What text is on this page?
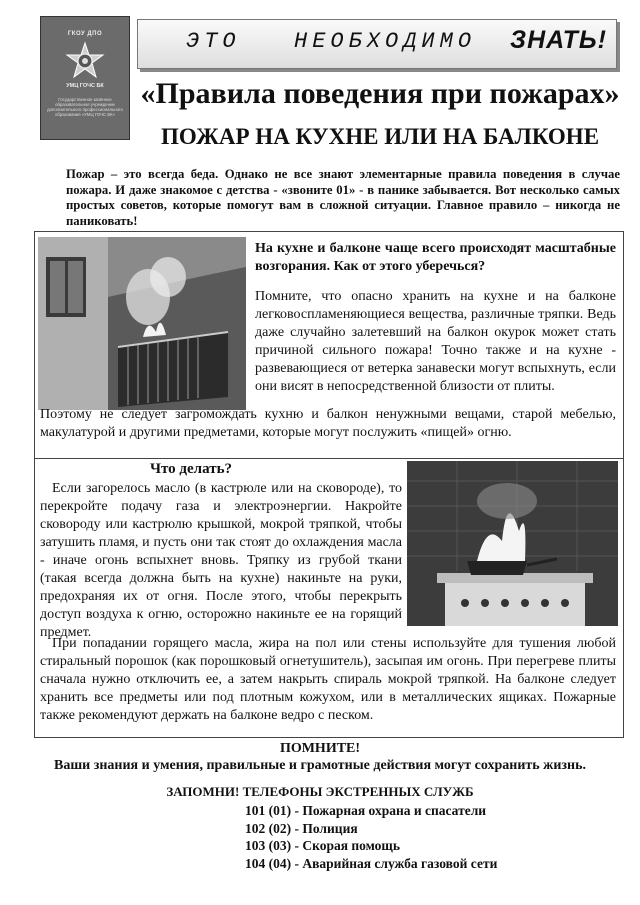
ГКОУ ДПО
УМЦ ГОЧС БК
Государственное казённое образовательное учреждение дополнительного профессионального образования «УМЦ ГОЧС БК»
ЭТО НЕОБХОДИМО ЗНАТЬ!
«Правила поведения при пожарах»
ПОЖАР НА КУХНЕ ИЛИ НА БАЛКОНЕ
Пожар – это всегда беда. Однако не все знают элементарные правила поведения в случае пожара. И даже знакомое с детства - «звоните 01» - в панике забывается. Вот несколько самых простых советов, которые помогут вам в сложной ситуации. Главное правило – никогда не паниковать!
На кухне и балконе чаще всего происходят масштабные возгорания. Как от этого уберечься?
Помните, что опасно хранить на кухне и на балконе легковоспламеняющиеся вещества, различные тряпки. Ведь даже случайно залетевший на балкон окурок может стать причиной сильного пожара! Точно также и на кухне - развевающиеся от ветерка занавески могут вспыхнуть, если они висят в непосредственной близости от плиты.
Поэтому не следует загромождать кухню и балкон ненужными вещами, старой мебелью, макулатурой и другими предметами, которые могут послужить «пищей» огню.
Что делать?
Если загорелось масло (в кастрюле или на сковороде), то перекройте подачу газа и электроэнергии. Накройте сковороду или кастрюлю крышкой, мокрой тряпкой, чтобы затушить пламя, и пусть они так стоят до охлаждения масла - иначе огонь вспыхнет вновь. Тряпку из грубой ткани (такая всегда должна быть на кухне) накиньте на руки, предохраняя их от огня. После этого, чтобы перекрыть доступ воздуха к огню, осторожно накиньте ее на горящий предмет.
При попадании горящего масла, жира на пол или стены используйте для тушения любой стиральный порошок (как порошковый огнетушитель), засыпая им огонь. При перегреве плиты сначала нужно отключить ее, а затем накрыть спираль мокрой тряпкой. На балконе следует хранить все предметы или под плотным кожухом, или в металлических ящиках. Пожарные также рекомендуют держать на балконе ведро с песком.
ПОМНИТЕ!
Ваши знания и умения, правильные и грамотные действия могут сохранить жизнь.
ЗАПОМНИ! ТЕЛЕФОНЫ ЭКСТРЕННЫХ СЛУЖБ
101 (01) - Пожарная охрана и спасатели
102 (02) - Полиция
103 (03) - Скорая помощь
104 (04) - Аварийная служба газовой сети
